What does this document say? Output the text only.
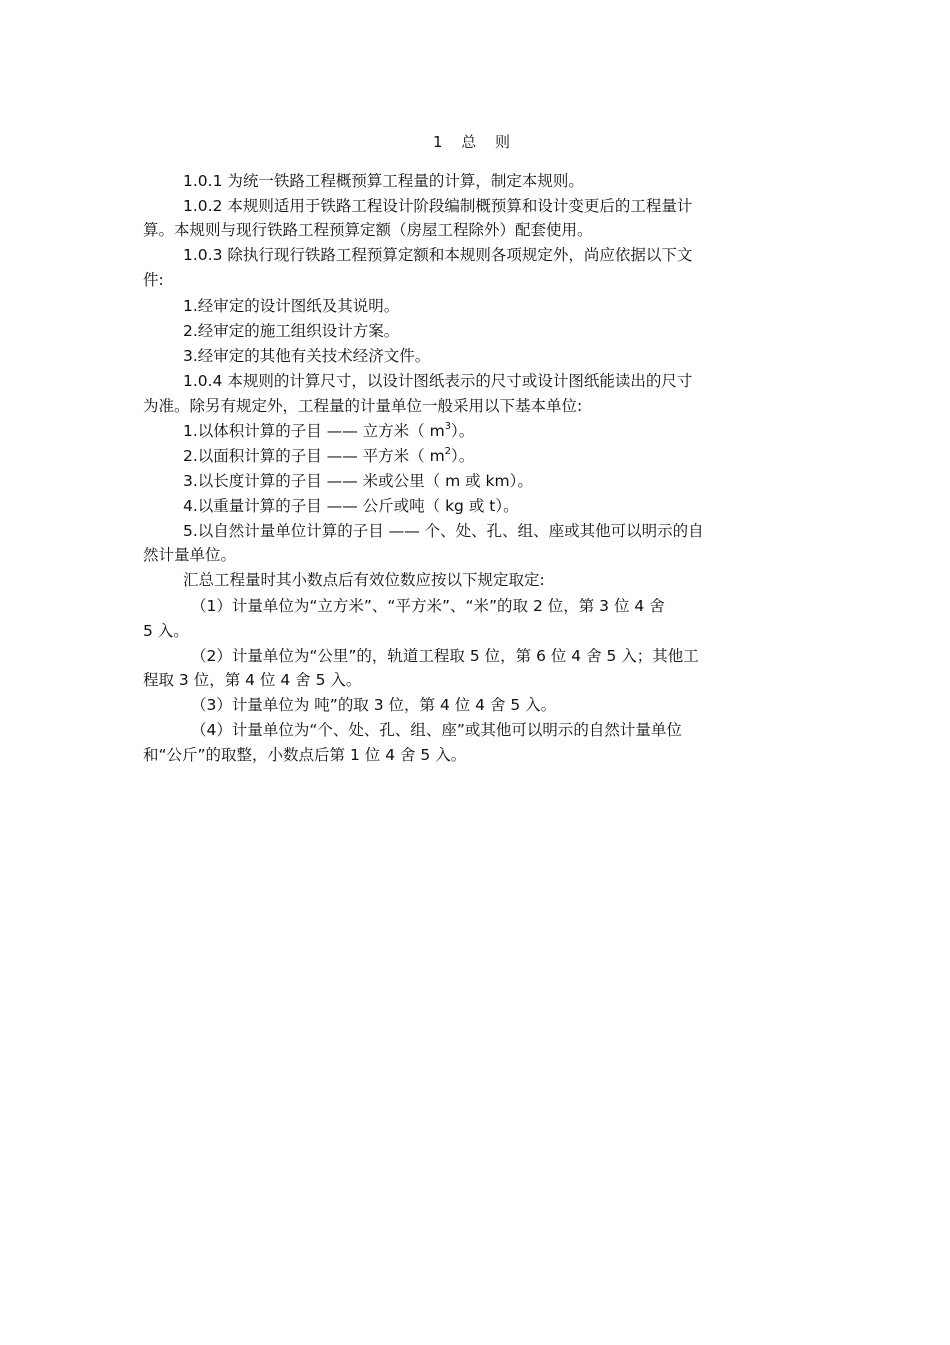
1 总 则
1.0.1 为统一铁路工程概预算工程量的计算，制定本规则。
1.0.2 本规则适用于铁路工程设计阶段编制概预算和设计变更后的工程量计
算。本规则与现行铁路工程预算定额（房屋工程除外）配套使用。
1.0.3 除执行现行铁路工程预算定额和本规则各项规定外，尚应依据以下文
件:
1.经审定的设计图纸及其说明。
2.经审定的施工组织设计方案。
3.经审定的其他有关技术经济文件。
1.0.4 本规则的计算尺寸，以设计图纸表示的尺寸或设计图纸能读出的尺寸
为准。除另有规定外，工程量的计量单位一般采用以下基本单位:
1.以体积计算的子目 —— 立方米（ $m^3$）。
2.以面积计算的子目 —— 平方米（ $m^2$）。
3.以长度计算的子目 —— 米或公里（ m 或 km）。
4.以重量计算的子目 —— 公斤或吨（ kg 或 t）。
5.以自然计量单位计算的子目 —— 个、处、孔、组、座或其他可以明示的自
然计量单位。
汇总工程量时其小数点后有效位数应按以下规定取定:
（1）计量单位为“立方米”、“平方米”、“米”的取 2 位，第 3 位 4 舍
5 入。
（2）计量单位为“公里”的，轨道工程取 5 位，第 6 位 4 舍 5 入；其他工
程取 3 位，第 4 位 4 舍 5 入。
（3）计量单位为 吨”的取 3 位，第 4 位 4 舍 5 入。
（4）计量单位为“个、处、孔、组、座”或其他可以明示的自然计量单位
和“公斤”的取整，小数点后第 1 位 4 舍 5 入。
